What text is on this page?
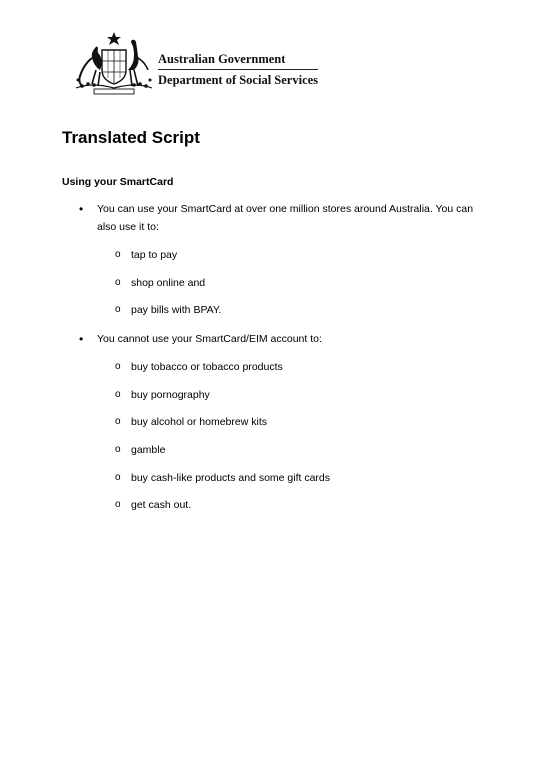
Australian Government
Department of Social Services
Translated Script
Using your SmartCard
• You can use your SmartCard at over one million stores around Australia. You can also use it to:
o tap to pay
o shop online and
o pay bills with BPAY.
• You cannot use your SmartCard/EIM account to:
o buy tobacco or tobacco products
o buy pornography
o buy alcohol or homebrew kits
o gamble
o buy cash-like products and some gift cards
o get cash out.
